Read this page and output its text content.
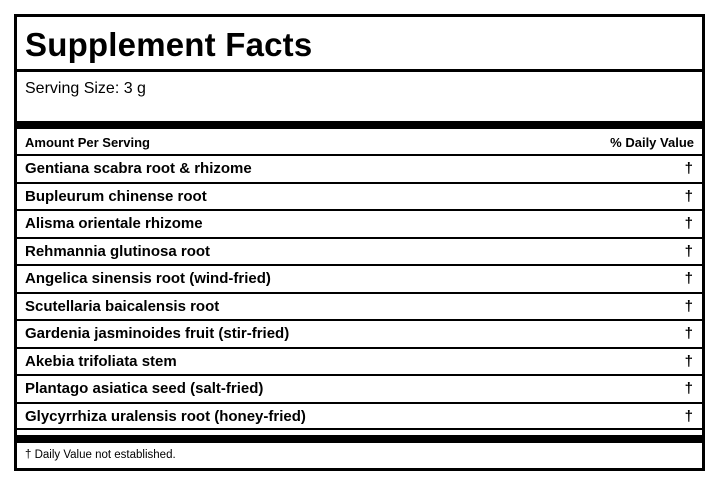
Supplement Facts
Serving Size: 3 g
Amount Per Serving	% Daily Value
Gentiana scabra root & rhizome	†
Bupleurum chinense root	†
Alisma orientale rhizome	†
Rehmannia glutinosa root	†
Angelica sinensis root (wind-fried)	†
Scutellaria baicalensis root	†
Gardenia jasminoides fruit (stir-fried)	†
Akebia trifoliata stem	†
Plantago asiatica seed (salt-fried)	†
Glycyrrhiza uralensis root (honey-fried)	†
† Daily Value not established.
